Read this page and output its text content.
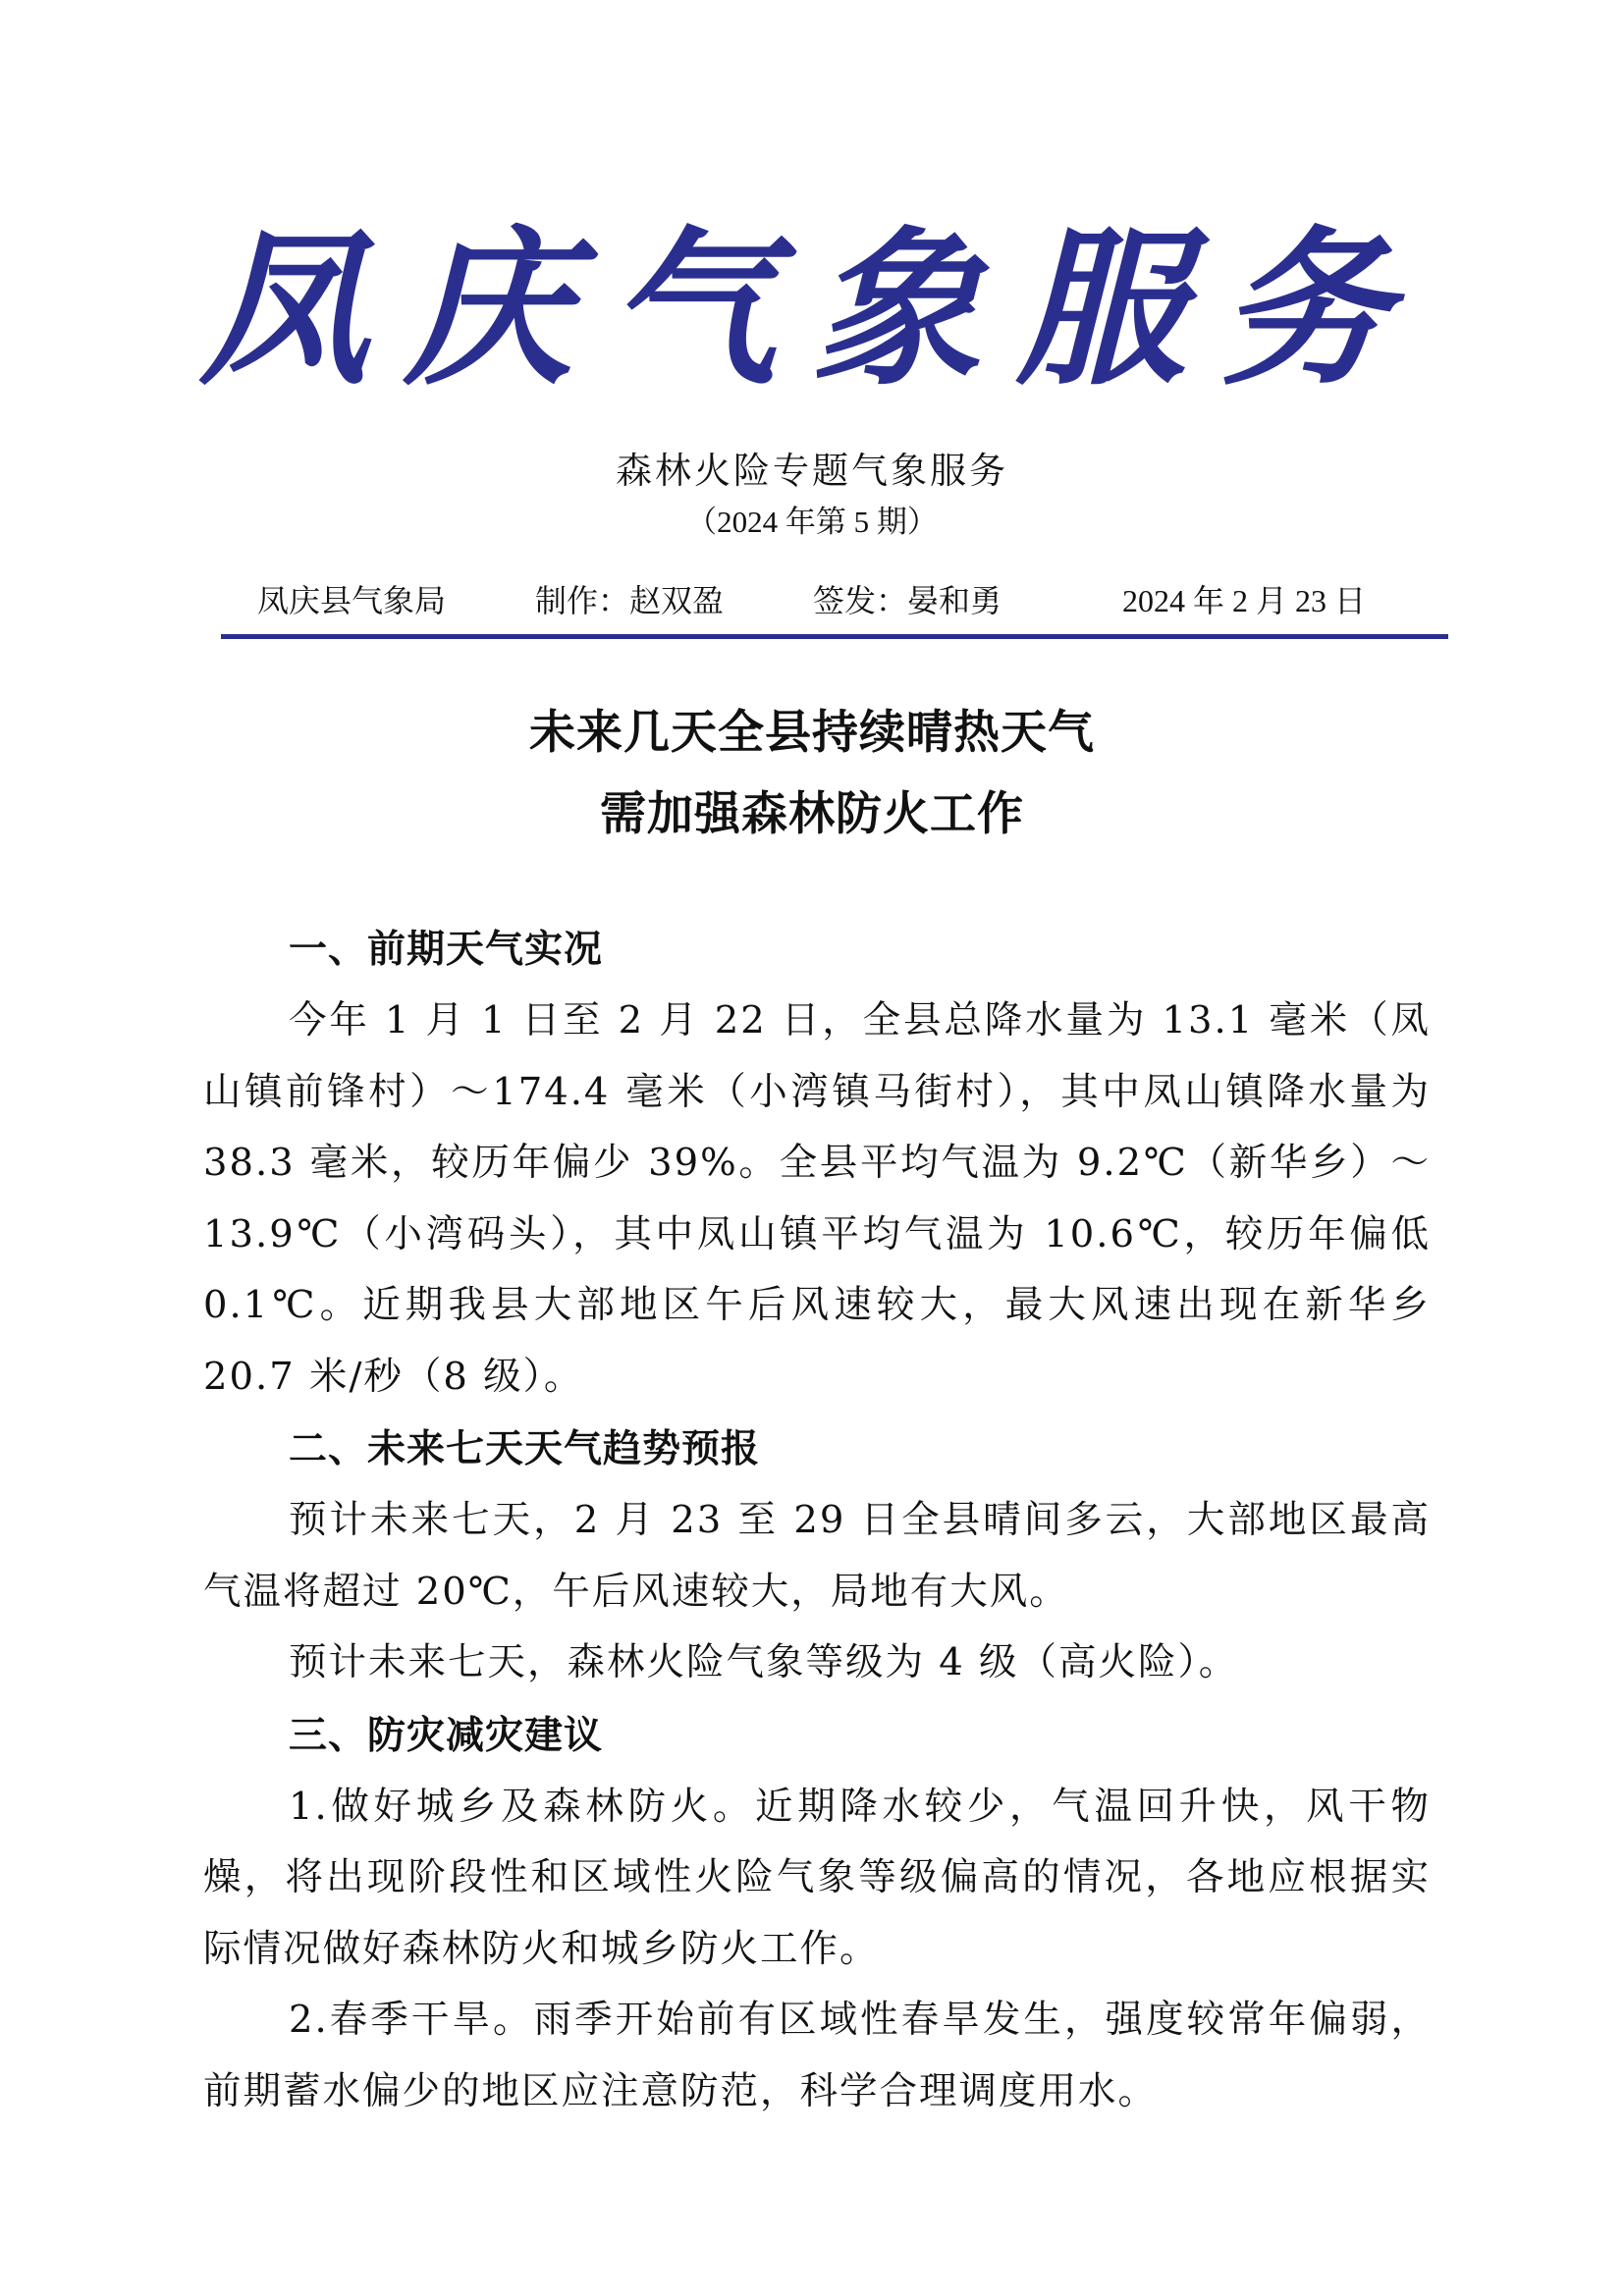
凤庆气象服务
森林火险专题气象服务
（2024 年第 5 期）
凤庆县气象局	制作：赵双盈	签发：晏和勇	2024 年 2 月 23 日
未来几天全县持续晴热天气
需加强森林防火工作
一、前期天气实况

今年 1 月 1 日至 2 月 22 日，全县总降水量为 13.1 毫米（凤山镇前锋村）～174.4 毫米（小湾镇马街村），其中凤山镇降水量为 38.3 毫米，较历年偏少 39%。全县平均气温为 9.2℃（新华乡）～13.9℃（小湾码头），其中凤山镇平均气温为 10.6℃，较历年偏低 0.1℃。近期我县大部地区午后风速较大，最大风速出现在新华乡 20.7 米/秒（8 级）。

二、未来七天天气趋势预报

预计未来七天，2 月 23 至 29 日全县晴间多云，大部地区最高气温将超过 20℃，午后风速较大，局地有大风。

预计未来七天，森林火险气象等级为 4 级（高火险）。

三、防灾减灾建议

1.做好城乡及森林防火。近期降水较少，气温回升快，风干物燥，将出现阶段性和区域性火险气象等级偏高的情况，各地应根据实际情况做好森林防火和城乡防火工作。

2.春季干旱。雨季开始前有区域性春旱发生，强度较常年偏弱，前期蓄水偏少的地区应注意防范，科学合理调度用水。
